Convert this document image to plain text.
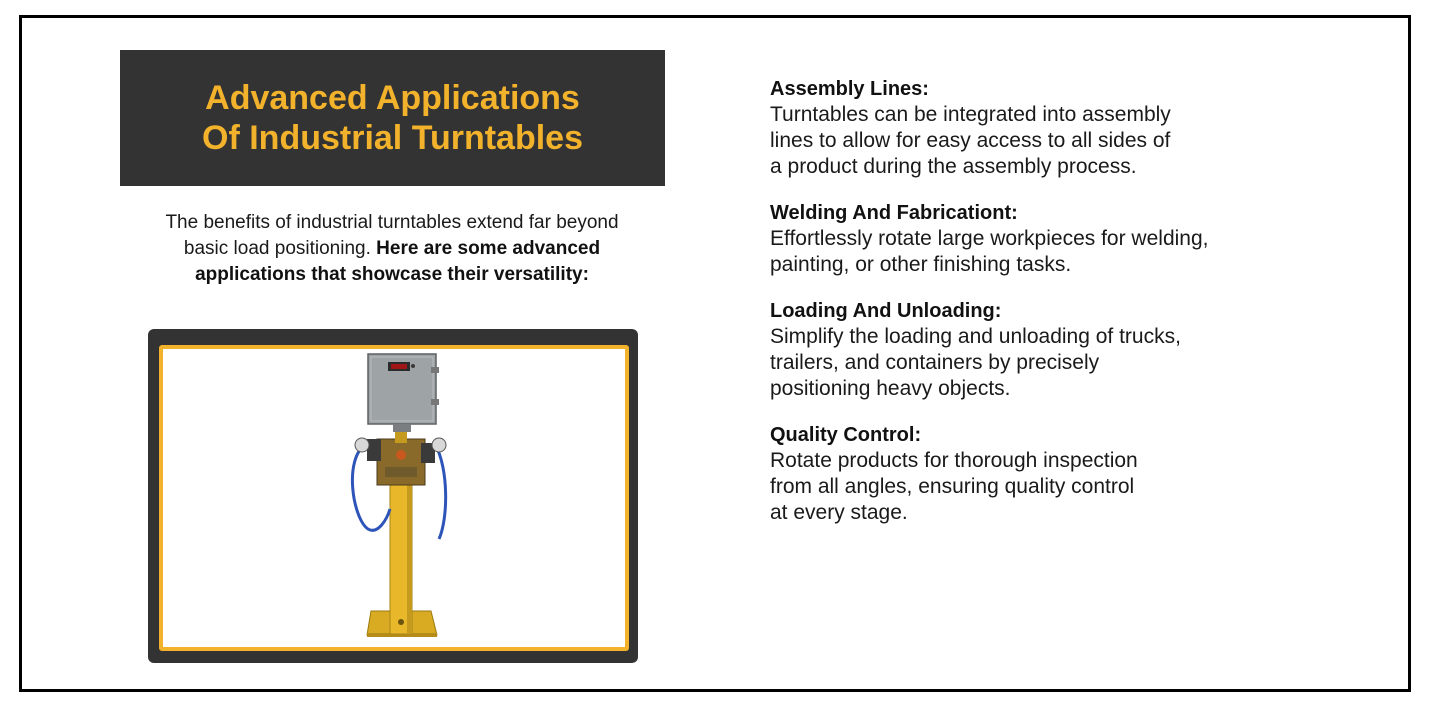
Advanced Applications
Of Industrial Turntables
The benefits of industrial turntables extend far beyond
basic load positioning. Here are some advanced
applications that showcase their versatility:
Assembly Lines:
Turntables can be integrated into assembly
lines to allow for easy access to all sides of
a product during the assembly process.
Welding And Fabricationt:
Effortlessly rotate large workpieces for welding,
painting, or other finishing tasks.
Loading And Unloading:
Simplify the loading and unloading of trucks,
trailers, and containers by precisely
positioning heavy objects.
Quality Control:
Rotate products for thorough inspection
from all angles, ensuring quality control
at every stage.
